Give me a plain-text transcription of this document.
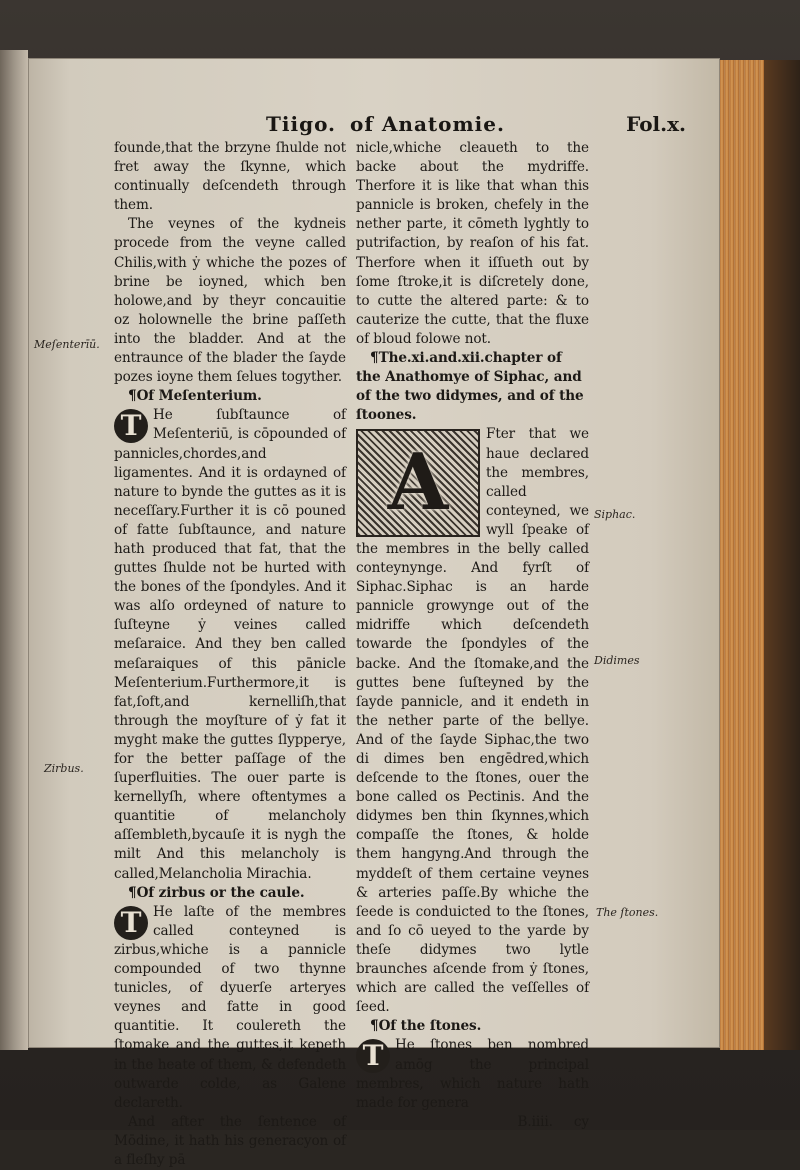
Tiigo. of Anatomie.	Fol.x.
Meſenterīū.
Zirbus.
Siphac.
Didimes
The ſtones.

founde,that the brzyne ſhulde not fret away the ſkynne, which continually deſcendeth through them.

The veynes of the kydneis procede from the veyne called Chilis,with ẏ whiche the pozes of brine be ioyned, which ben holowe,and by theyr concauitie oz holownelle the brine paſſeth into the bladder. And at the entraunce of the blader the ſayde pozes ioyne them ſelues togyther.

¶Of Meſenterium.

T He ſubſtaunce of Meſenteriū, is cōpounded of pannicles,chordes,and ligamentes. And it is ordayned of nature to bynde the guttes as it is neceſſary.Further it is cō pouned of fatte ſubſtaunce, and nature hath produced that fat, that the guttes ſhulde not be hurted with the bones of the ſpondyles. And it was alſo ordeyned of nature to ſuſteyne ẏ veines called meſaraice. And they ben called meſaraiques of this pānicle Meſenterium.Furthermore,it is fat,ſoft,and kernelliſh,that through the moyſture of ẏ fat it myght make the guttes ſlypperye, for the better paſſage of the ſuperfluities. The ouer parte is kernellyſh, where oftentymes a quantitie of melancholy aſſembleth,bycauſe it is nygh the milt And this melancholy is called,Melancholia Mirachia.

¶Of zirbus or the caule.

T He laſte of the membres called conteyned is zirbus,whiche is a pannicle compounded of two thynne tunicles, of dyuerſe arteryes veynes and fatte in good quantitie. It coulereth the ſtomake and the guttes,it kepeth in the heate of them, & defendeth outwarde colde, as Galene declareth.

And after the ſentence of Mōdine, it hath his generacyon of a fleſhy pā

nicle,whiche cleaueth to the backe about the mydriffe. Therfore it is like that whan this pannicle is broken, chefely in the nether parte, it cōmeth lyghtly to putrifaction, by reaſon of his fat. Therfore when it iſſueth out by ſome ſtroke,it is diſcretely done, to cutte the altered parte: & to cauterize the cutte, that the fluxe of bloud folowe not.

¶The.xi.and.xii.chapter of the Anathomye of Siphac, and of the two didymes, and of the ſtoones.

A
Fter that we haue declared the membres, called conteyned, we wyll ſpeake of the membres in the belly called conteynynge. And fyrſt of Siphac.Siphac is an harde pannicle growynge out of the midriffe which deſcendeth towarde the ſpondyles of the backe. And the ſtomake,and the guttes bene ſuſteyned by the ſayde pannicle, and it endeth in the nether parte of the bellye. And of the ſayde Siphac,the two di dimes ben engēdred,which deſcende to the ſtones, ouer the bone called os Pectinis. And the didymes ben thin ſkynnes,which compaſſe the ſtones, & holde them hangyng.And through the myddeſt of them certaine veynes & arteries paſſe.By whiche the ſeede is conduicted to the ſtones, and ſo cō ueyed to the yarde by theſe didymes two lytle braunches aſcende from ẏ ſtones, which are called the veſſelles of ſeed.

¶Of the ſtones.

T He ſtones ben nombred amōg the principal membres, which nature hath made for genera

B.iiii. cy
